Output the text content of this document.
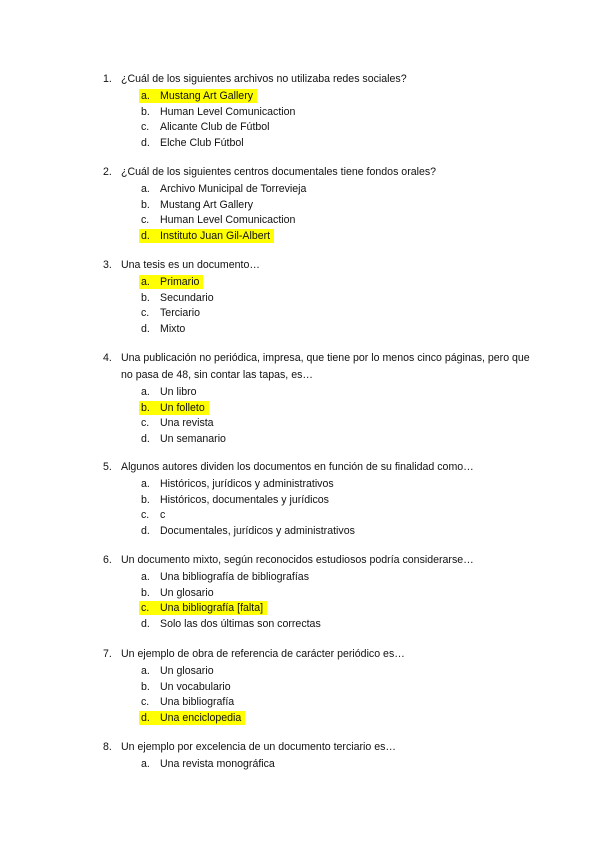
1. ¿Cuál de los siguientes archivos no utilizaba redes sociales?
a. Mustang Art Gallery
b. Human Level Comunicaction
c. Alicante Club de Fútbol
d. Elche Club Fútbol
2. ¿Cuál de los siguientes centros documentales tiene fondos orales?
a. Archivo Municipal de Torrevieja
b. Mustang Art Gallery
c. Human Level Comunicaction
d. Instituto Juan Gil-Albert
3. Una tesis es un documento…
a. Primario
b. Secundario
c. Terciario
d. Mixto
4. Una publicación no periódica, impresa, que tiene por lo menos cinco páginas, pero que
no pasa de 48, sin contar las tapas, es…
a. Un libro
b. Un folleto
c. Una revista
d. Un semanario
5. Algunos autores dividen los documentos en función de su finalidad como…
a. Históricos, jurídicos y administrativos
b. Históricos, documentales y jurídicos
c. c
d. Documentales, jurídicos y administrativos
6. Un documento mixto, según reconocidos estudiosos podría considerarse…
a. Una bibliografía de bibliografías
b. Un glosario
c. Una bibliografía [falta]
d. Solo las dos últimas son correctas
7. Un ejemplo de obra de referencia de carácter periódico es…
a. Un glosario
b. Un vocabulario
c. Una bibliografía
d. Una enciclopedia
8. Un ejemplo por excelencia de un documento terciario es…
a. Una revista monográfica
